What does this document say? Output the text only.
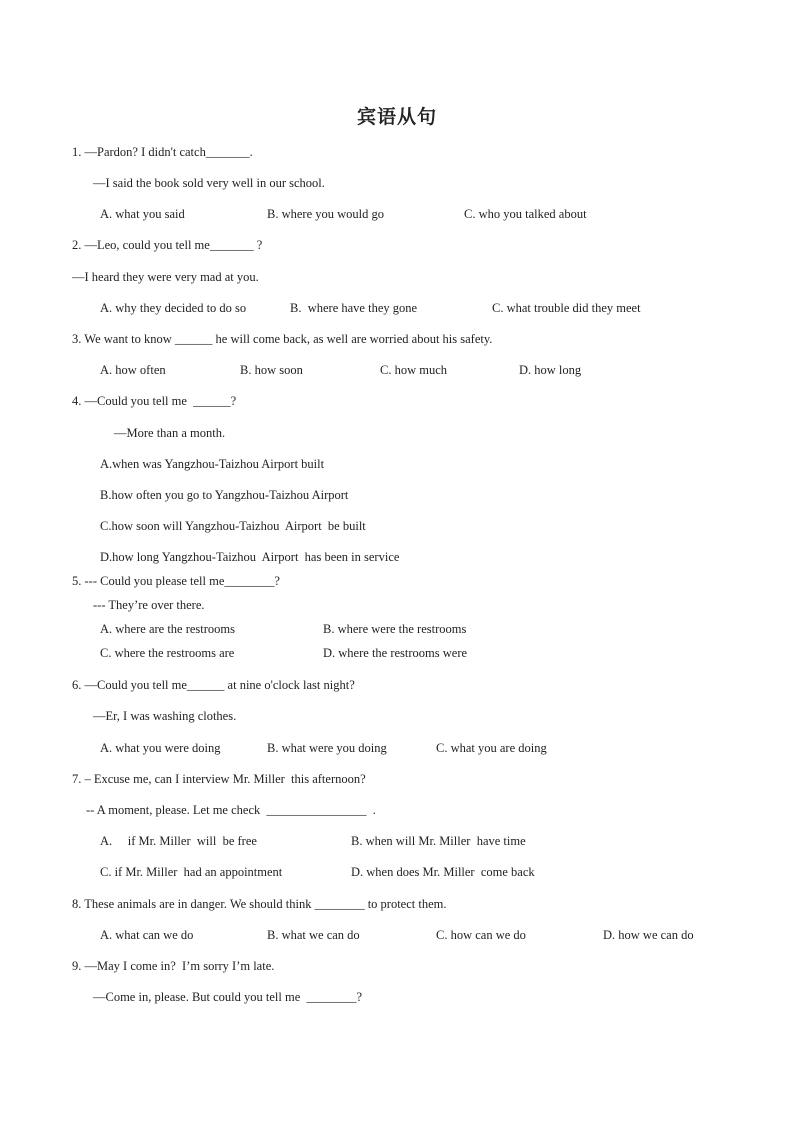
宾语从句
1. —Pardon? I didn't catch_______.
—I said the book sold very well in our school.
A. what you said	B. where you would go	C. who you talked about
2. —Leo, could you tell me_______ ?
—I heard they were very mad at you.
A. why they decided to do so	B.  where have they gone	C. what trouble did they meet
3. We want to know ______ he will come back, as well are worried about his safety.
A. how often	B. how soon	C. how much	D. how long
4. —Could you tell me  ______?
—More than a month.
A.when was Yangzhou-Taizhou Airport built
B.how often you go to Yangzhou-Taizhou Airport
C.how soon will Yangzhou-Taizhou  Airport  be built
D.how long Yangzhou-Taizhou  Airport  has been in service
5. --- Could you please tell me________?
--- They’re over there.
A. where are the restrooms	B. where were the restrooms
C. where the restrooms are	D. where the restrooms were
6. —Could you tell me______ at nine o'clock last night?
—Er, I was washing clothes.
A. what you were doing	B. what were you doing	C. what you are doing
7. – Excuse me, can I interview Mr. Miller  this afternoon?
-- A moment, please. Let me check  ________________  .
A.     if Mr. Miller  will  be free	B. when will Mr. Miller  have time
C. if Mr. Miller  had an appointment	D. when does Mr. Miller  come back
8. These animals are in danger. We should think ________ to protect them.
A. what can we do	B. what we can do	C. how can we do	D. how we can do
9. —May I come in?  I’m sorry I’m late.
—Come in, please. But could you tell me  ________?
